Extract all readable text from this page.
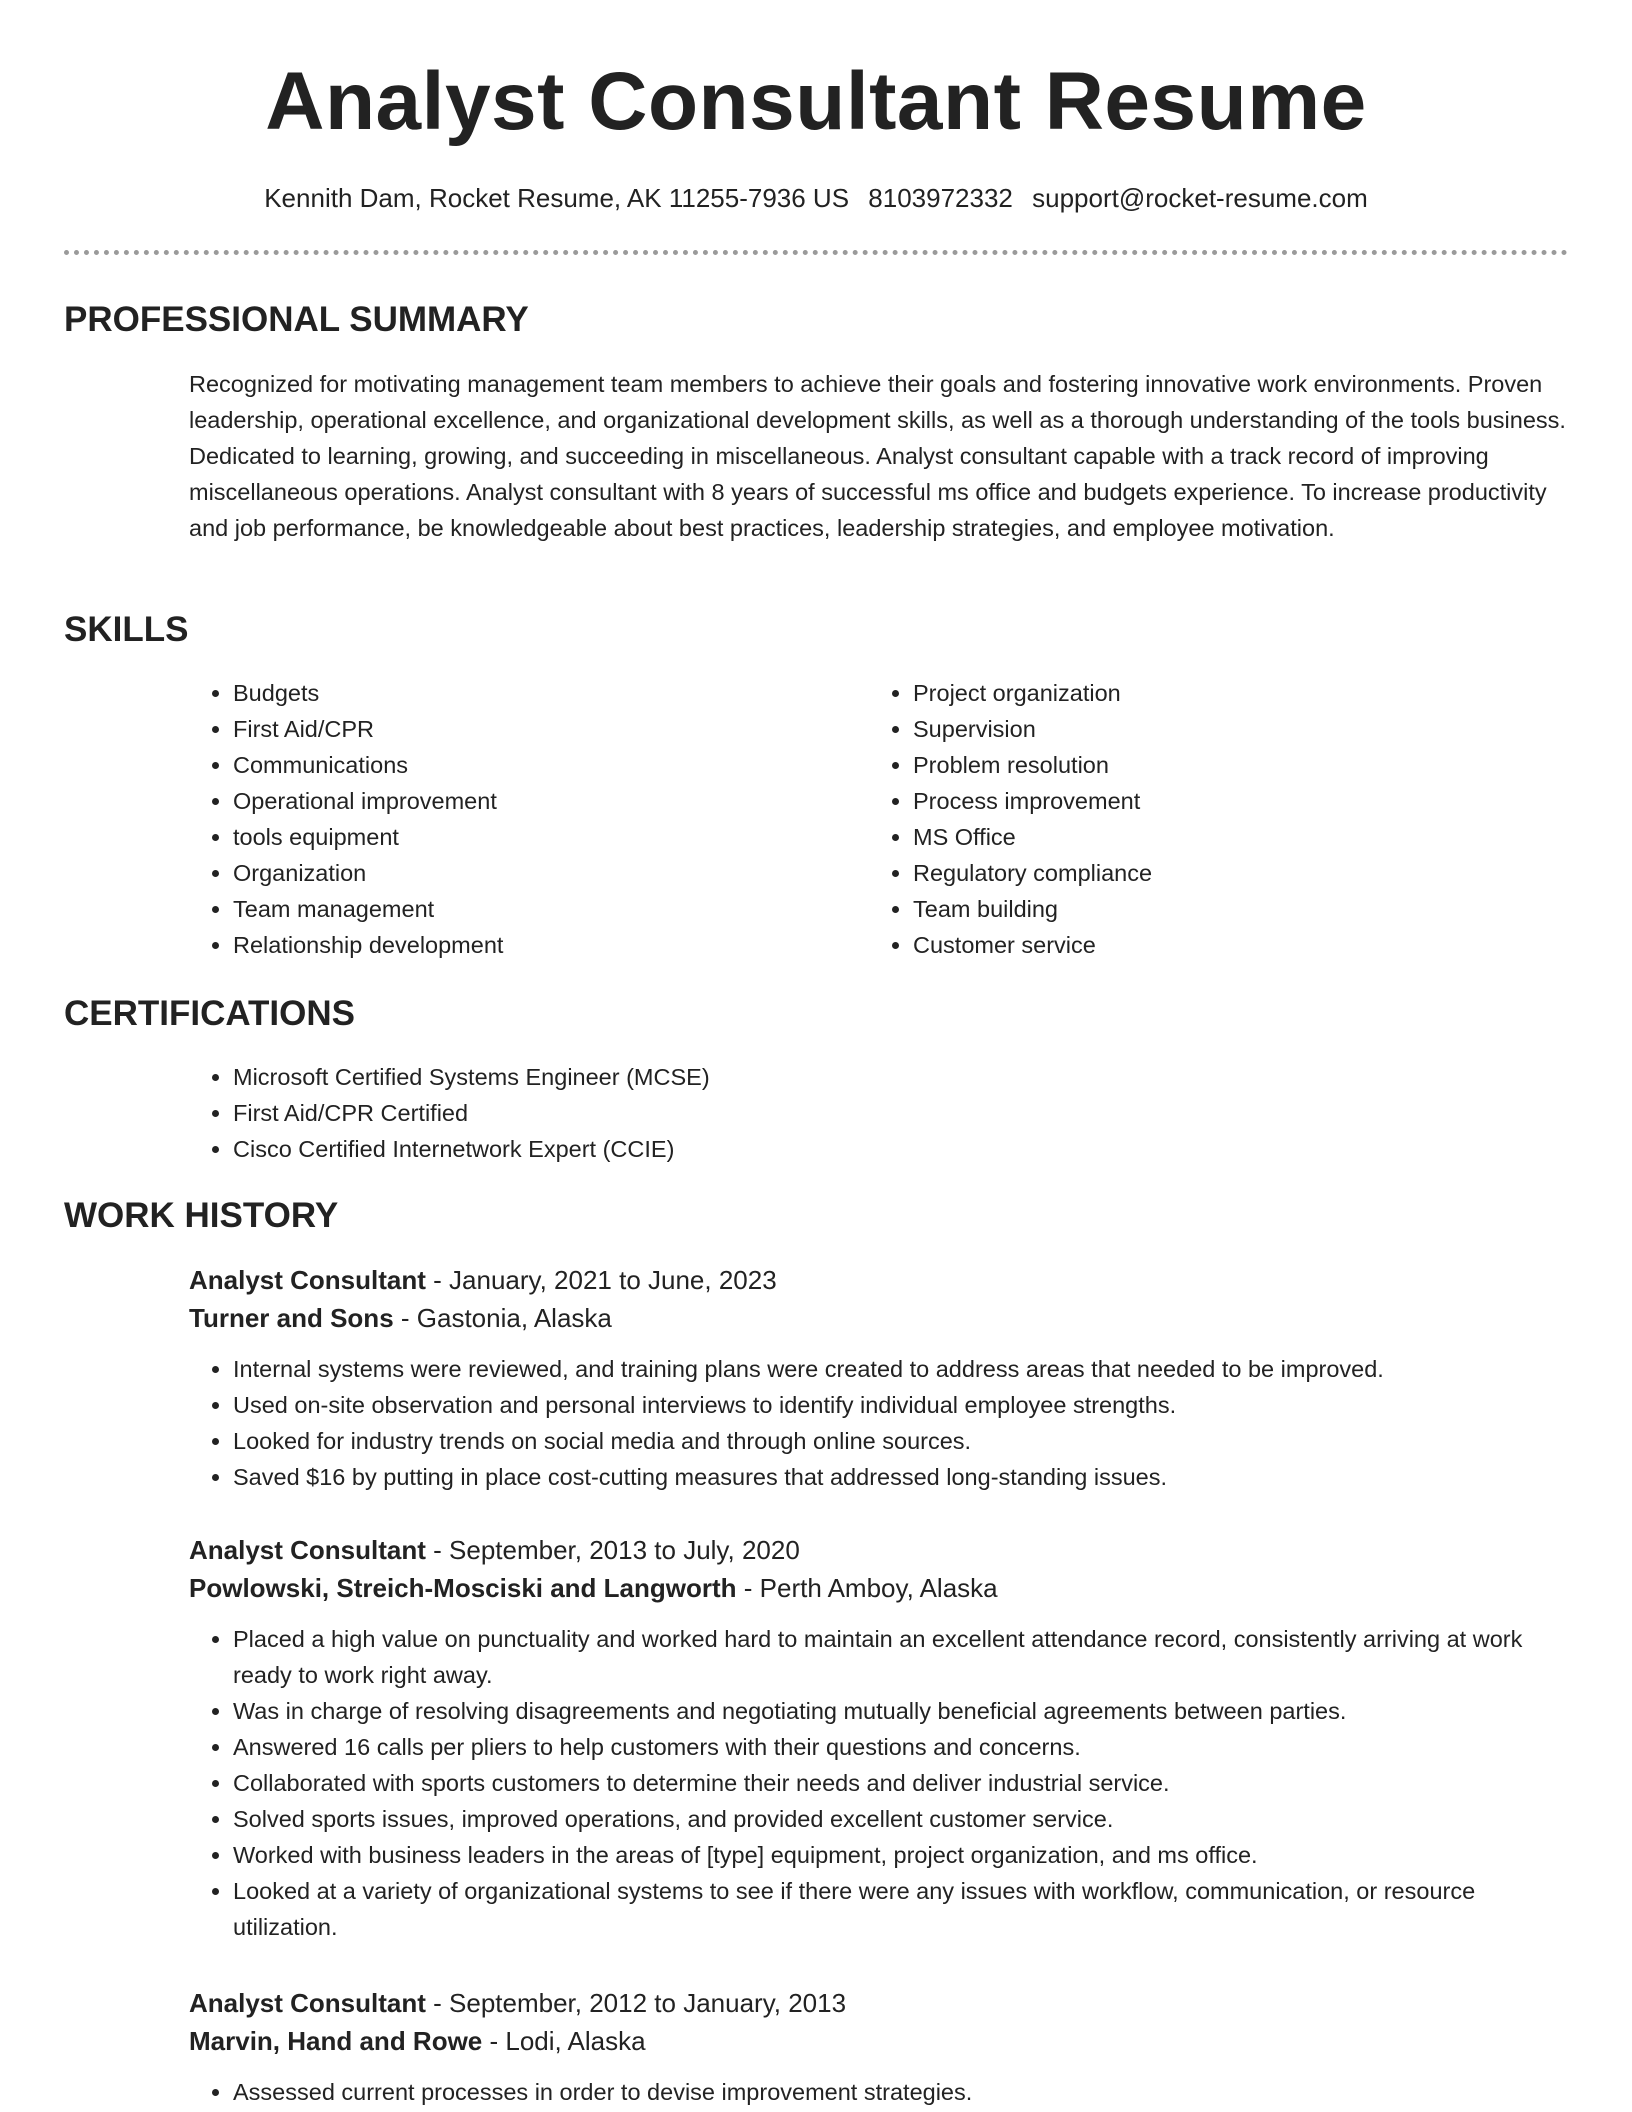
Analyst Consultant Resume
Kennith Dam, Rocket Resume, AK 11255-7936 US 8103972332 support@rocket-resume.com
PROFESSIONAL SUMMARY

Recognized for motivating management team members to achieve their goals and fostering innovative work environments. Proven leadership, operational excellence, and organizational development skills, as well as a thorough understanding of the tools business. Dedicated to learning, growing, and succeeding in miscellaneous. Analyst consultant capable with a track record of improving miscellaneous operations. Analyst consultant with 8 years of successful ms office and budgets experience. To increase productivity and job performance, be knowledgeable about best practices, leadership strategies, and employee motivation.

SKILLS
• Budgets
• First Aid/CPR
• Communications
• Operational improvement
• tools equipment
• Organization
• Team management
• Relationship development
• Project organization
• Supervision
• Problem resolution
• Process improvement
• MS Office
• Regulatory compliance
• Team building
• Customer service
CERTIFICATIONS
• Microsoft Certified Systems Engineer (MCSE)
• First Aid/CPR Certified
• Cisco Certified Internetwork Expert (CCIE)
WORK HISTORY

Analyst Consultant - January, 2021 to June, 2023

Turner and Sons - Gastonia, Alaska

• Internal systems were reviewed, and training plans were created to address areas that needed to be improved.
• Used on-site observation and personal interviews to identify individual employee strengths.
• Looked for industry trends on social media and through online sources.
• Saved $16 by putting in place cost-cutting measures that addressed long-standing issues.

Analyst Consultant - September, 2013 to July, 2020

Powlowski, Streich-Mosciski and Langworth - Perth Amboy, Alaska

• Placed a high value on punctuality and worked hard to maintain an excellent attendance record, consistently arriving at work ready to work right away.
• Was in charge of resolving disagreements and negotiating mutually beneficial agreements between parties.
• Answered 16 calls per pliers to help customers with their questions and concerns.
• Collaborated with sports customers to determine their needs and deliver industrial service.
• Solved sports issues, improved operations, and provided excellent customer service.
• Worked with business leaders in the areas of [type] equipment, project organization, and ms office.
• Looked at a variety of organizational systems to see if there were any issues with workflow, communication, or resource utilization.

Analyst Consultant - September, 2012 to January, 2013

Marvin, Hand and Rowe - Lodi, Alaska

• Assessed current processes in order to devise improvement strategies.
